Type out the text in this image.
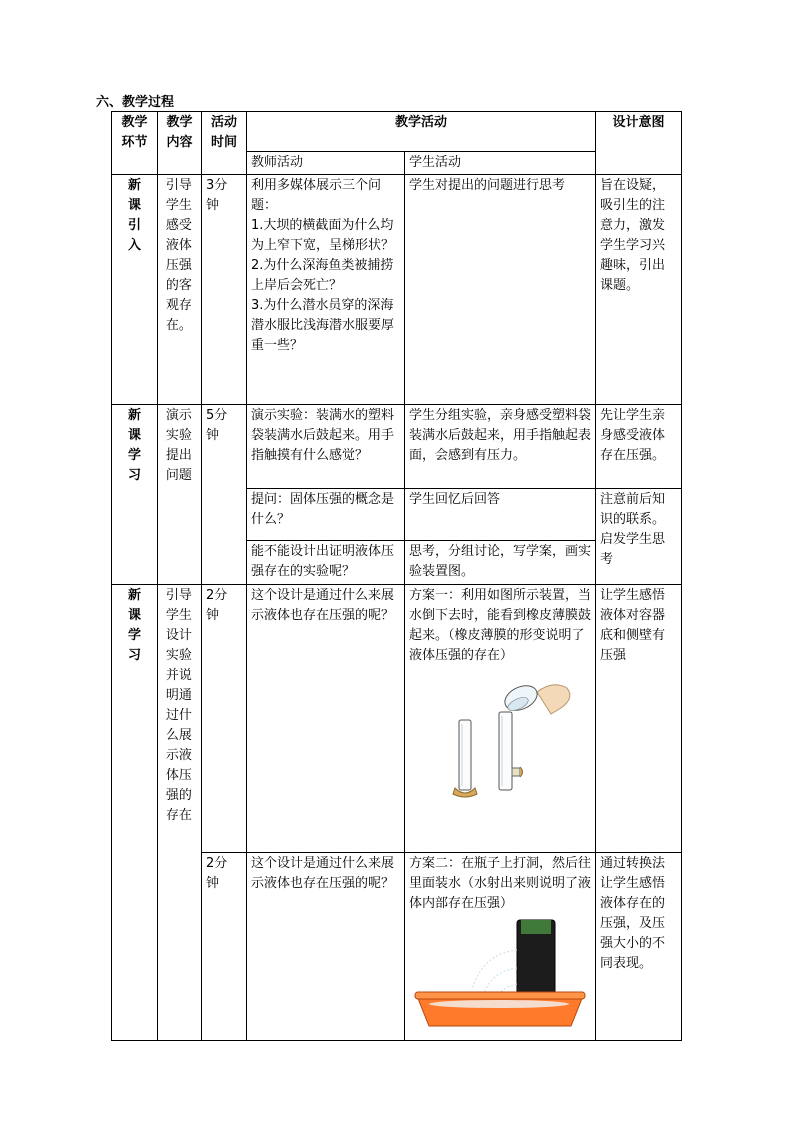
六、教学过程
教学环节	教学内容	活动时间	教学活动		设计意图
			教师活动	学生活动	

新课引入	引导学生感受液体压强的客观存在。	3分钟	利用多媒体展示三个问题：
1.大坝的横截面为什么均为上窄下宽，呈梯形状？
2.为什么深海鱼类被捕捞上岸后会死亡？
3.为什么潜水员穿的深海潜水服比浅海潜水服要厚重一些？	学生对提出的问题进行思考	旨在设疑，吸引生的注意力，激发学生学习兴趣味，引出课题。

新课学习	演示实验提出问题	5分钟	演示实验：装满水的塑料袋装满水后鼓起来。用手指触摸有什么感觉？	学生分组实验，亲身感受塑料袋装满水后鼓起来，用手指触起表面，会感到有压力。	先让学生亲身感受液体存在压强。

			提问：固体压强的概念是什么？	学生回忆后回答	注意前后知识的联系。启发学生思考

			能不能设计出证明液体压强存在的实验呢？	思考，分组讨论，写学案，画实验装置图。	

新课学习	引导学生设计实验并说明通过什么展示液体压强的存在	2分钟	这个设计是通过什么来展示液体也存在压强的呢？	方案一：利用如图所示装置，当水倒下去时，能看到橡皮薄膜鼓起来。（橡皮薄膜的形变说明了液体压强的存在）	让学生感悟液体对容器底和侧壁有压强

		2分钟	这个设计是通过什么来展示液体也存在压强的呢？	方案二：在瓶子上打洞，然后往里面装水（水射出来则说明了液体内部存在压强）	通过转换法让学生感悟液体存在的压强，及压强大小的不同表现。
